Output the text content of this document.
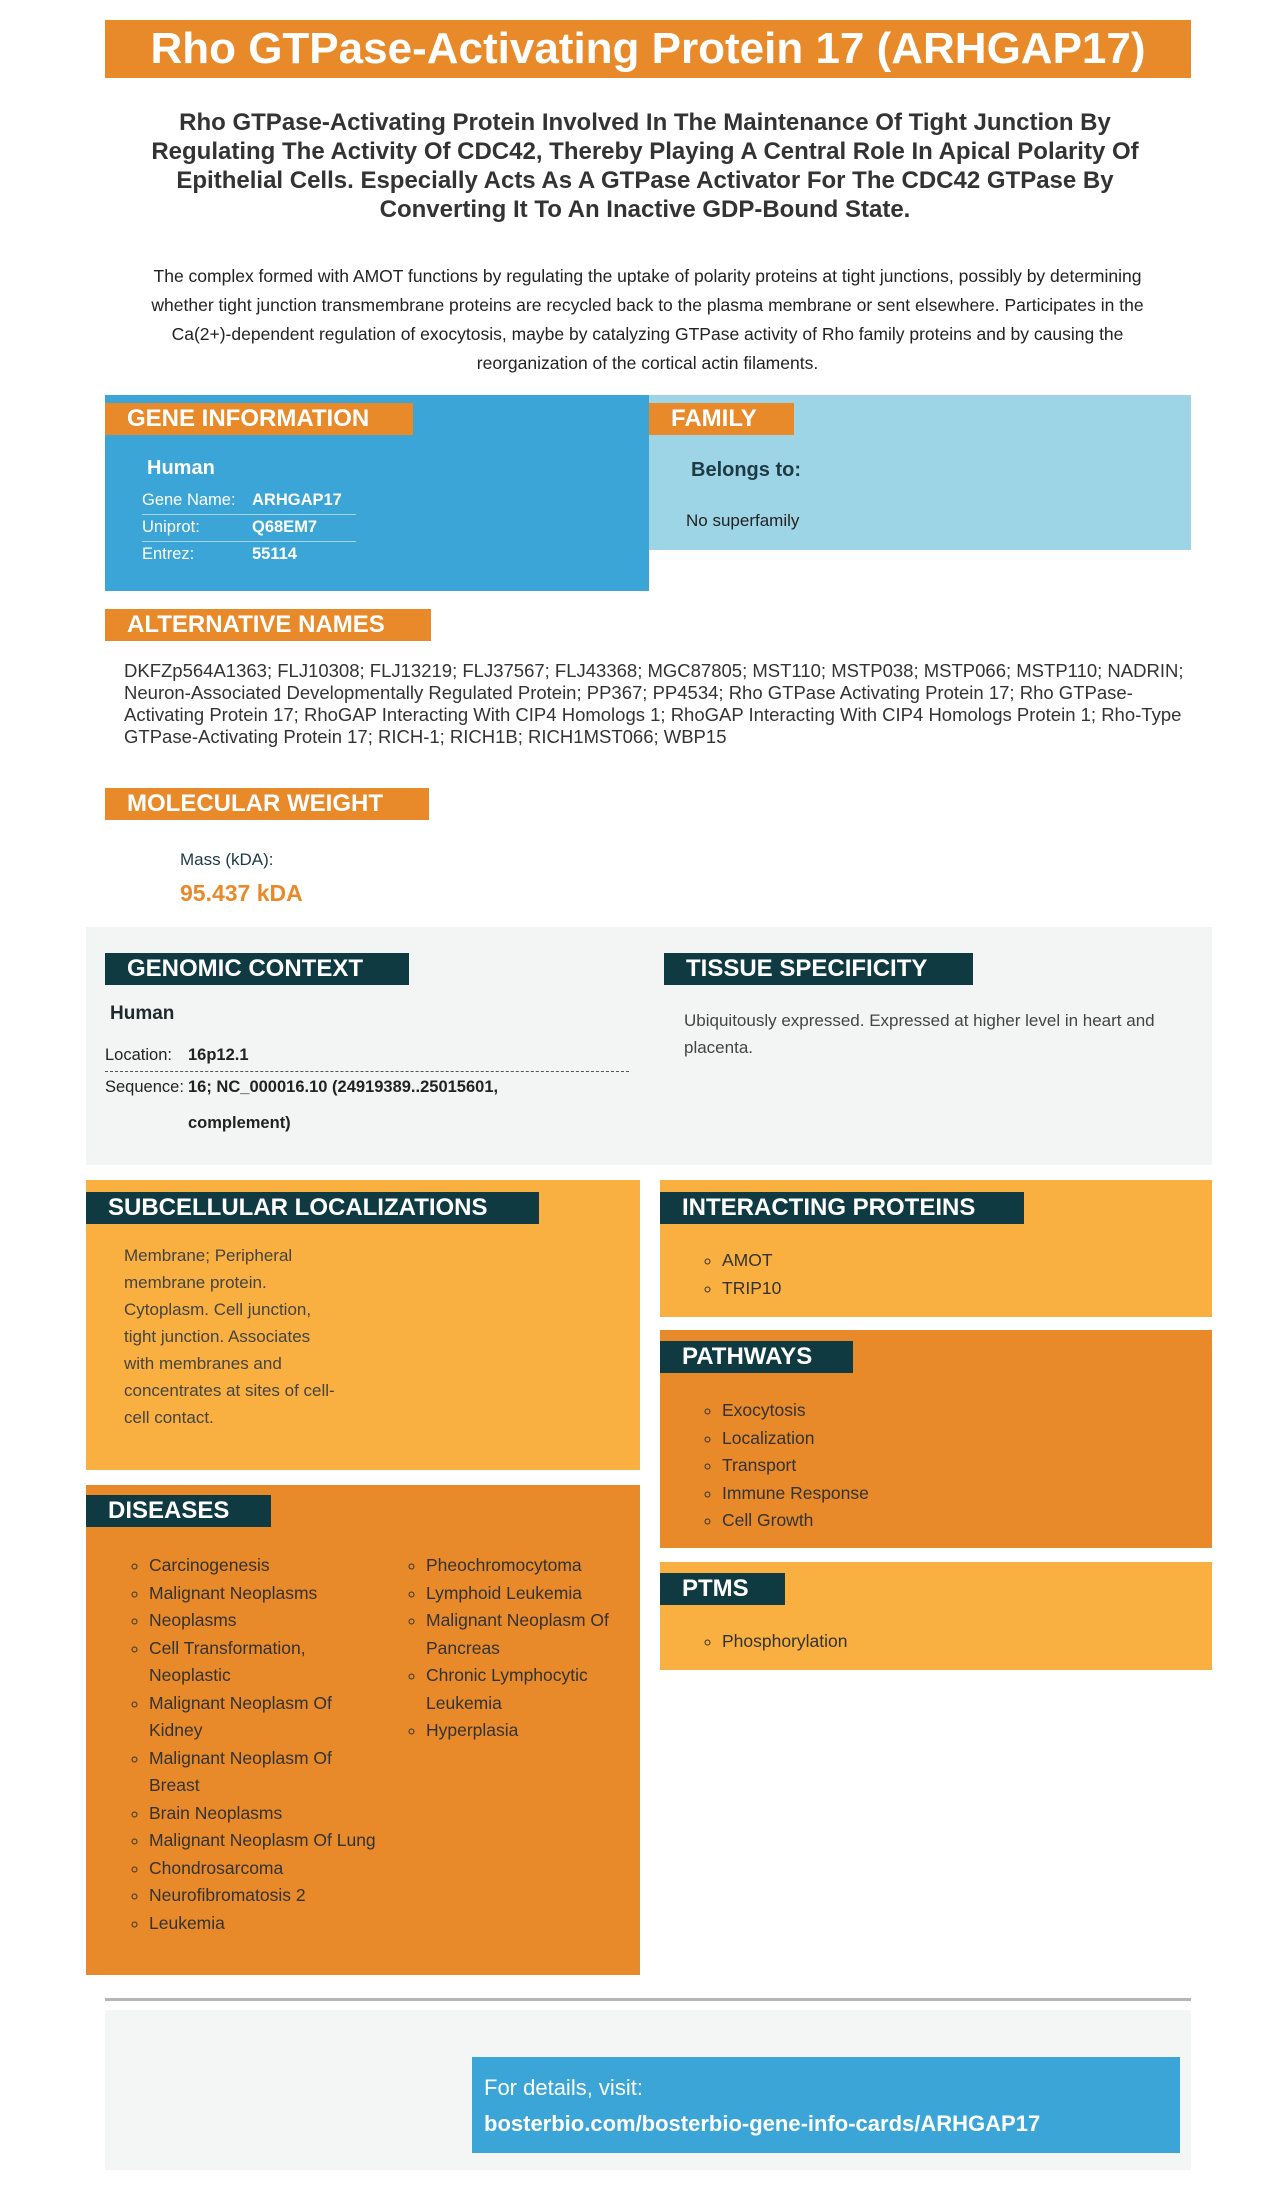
Rho GTPase-Activating Protein 17 (ARHGAP17)
Rho GTPase-Activating Protein Involved In The Maintenance Of Tight Junction By Regulating The Activity Of CDC42, Thereby Playing A Central Role In Apical Polarity Of Epithelial Cells. Especially Acts As A GTPase Activator For The CDC42 GTPase By Converting It To An Inactive GDP-Bound State.
The complex formed with AMOT functions by regulating the uptake of polarity proteins at tight junctions, possibly by determining whether tight junction transmembrane proteins are recycled back to the plasma membrane or sent elsewhere. Participates in the Ca(2+)-dependent regulation of exocytosis, maybe by catalyzing GTPase activity of Rho family proteins and by causing the reorganization of the cortical actin filaments.
GENE INFORMATION
Human
Gene Name: ARHGAP17
Uniprot:	Q68EM7
Entrez:	55114
FAMILY
Belongs to:
No superfamily
ALTERNATIVE NAMES
DKFZp564A1363; FLJ10308; FLJ13219; FLJ37567; FLJ43368; MGC87805; MST110; MSTP038; MSTP066; MSTP110; NADRIN; Neuron-Associated Developmentally Regulated Protein; PP367; PP4534; Rho GTPase Activating Protein 17; Rho GTPase-Activating Protein 17; RhoGAP Interacting With CIP4 Homologs 1; RhoGAP Interacting With CIP4 Homologs Protein 1; Rho-Type GTPase-Activating Protein 17; RICH-1; RICH1B; RICH1MST066; WBP15
MOLECULAR WEIGHT
Mass (kDA):
95.437 kDA
GENOMIC CONTEXT
Human
Location: 16p12.1
Sequence: 16; NC_000016.10 (24919389..25015601,
complement)
TISSUE SPECIFICITY
Ubiquitously expressed. Expressed at higher level in heart and placenta.
SUBCELLULAR LOCALIZATIONS
Membrane; Peripheral membrane protein. Cytoplasm. Cell junction, tight junction. Associates with membranes and concentrates at sites of cell-cell contact.
DISEASES
◦ Carcinogenesis
◦ Malignant Neoplasms
◦ Neoplasms
◦ Cell Transformation, Neoplastic
◦ Malignant Neoplasm Of Kidney
◦ Malignant Neoplasm Of Breast
◦ Brain Neoplasms
◦ Malignant Neoplasm Of Lung
◦ Chondrosarcoma
◦ Neurofibromatosis 2
◦ Leukemia
◦ Pheochromocytoma
◦ Lymphoid Leukemia
◦ Malignant Neoplasm Of Pancreas
◦ Chronic Lymphocytic Leukemia
◦ Hyperplasia
INTERACTING PROTEINS
◦ AMOT
◦ TRIP10
PATHWAYS
◦ Exocytosis
◦ Localization
◦ Transport
◦ Immune Response
◦ Cell Growth
PTMS
◦ Phosphorylation
For details, visit:
bosterbio.com/bosterbio-gene-info-cards/ARHGAP17
